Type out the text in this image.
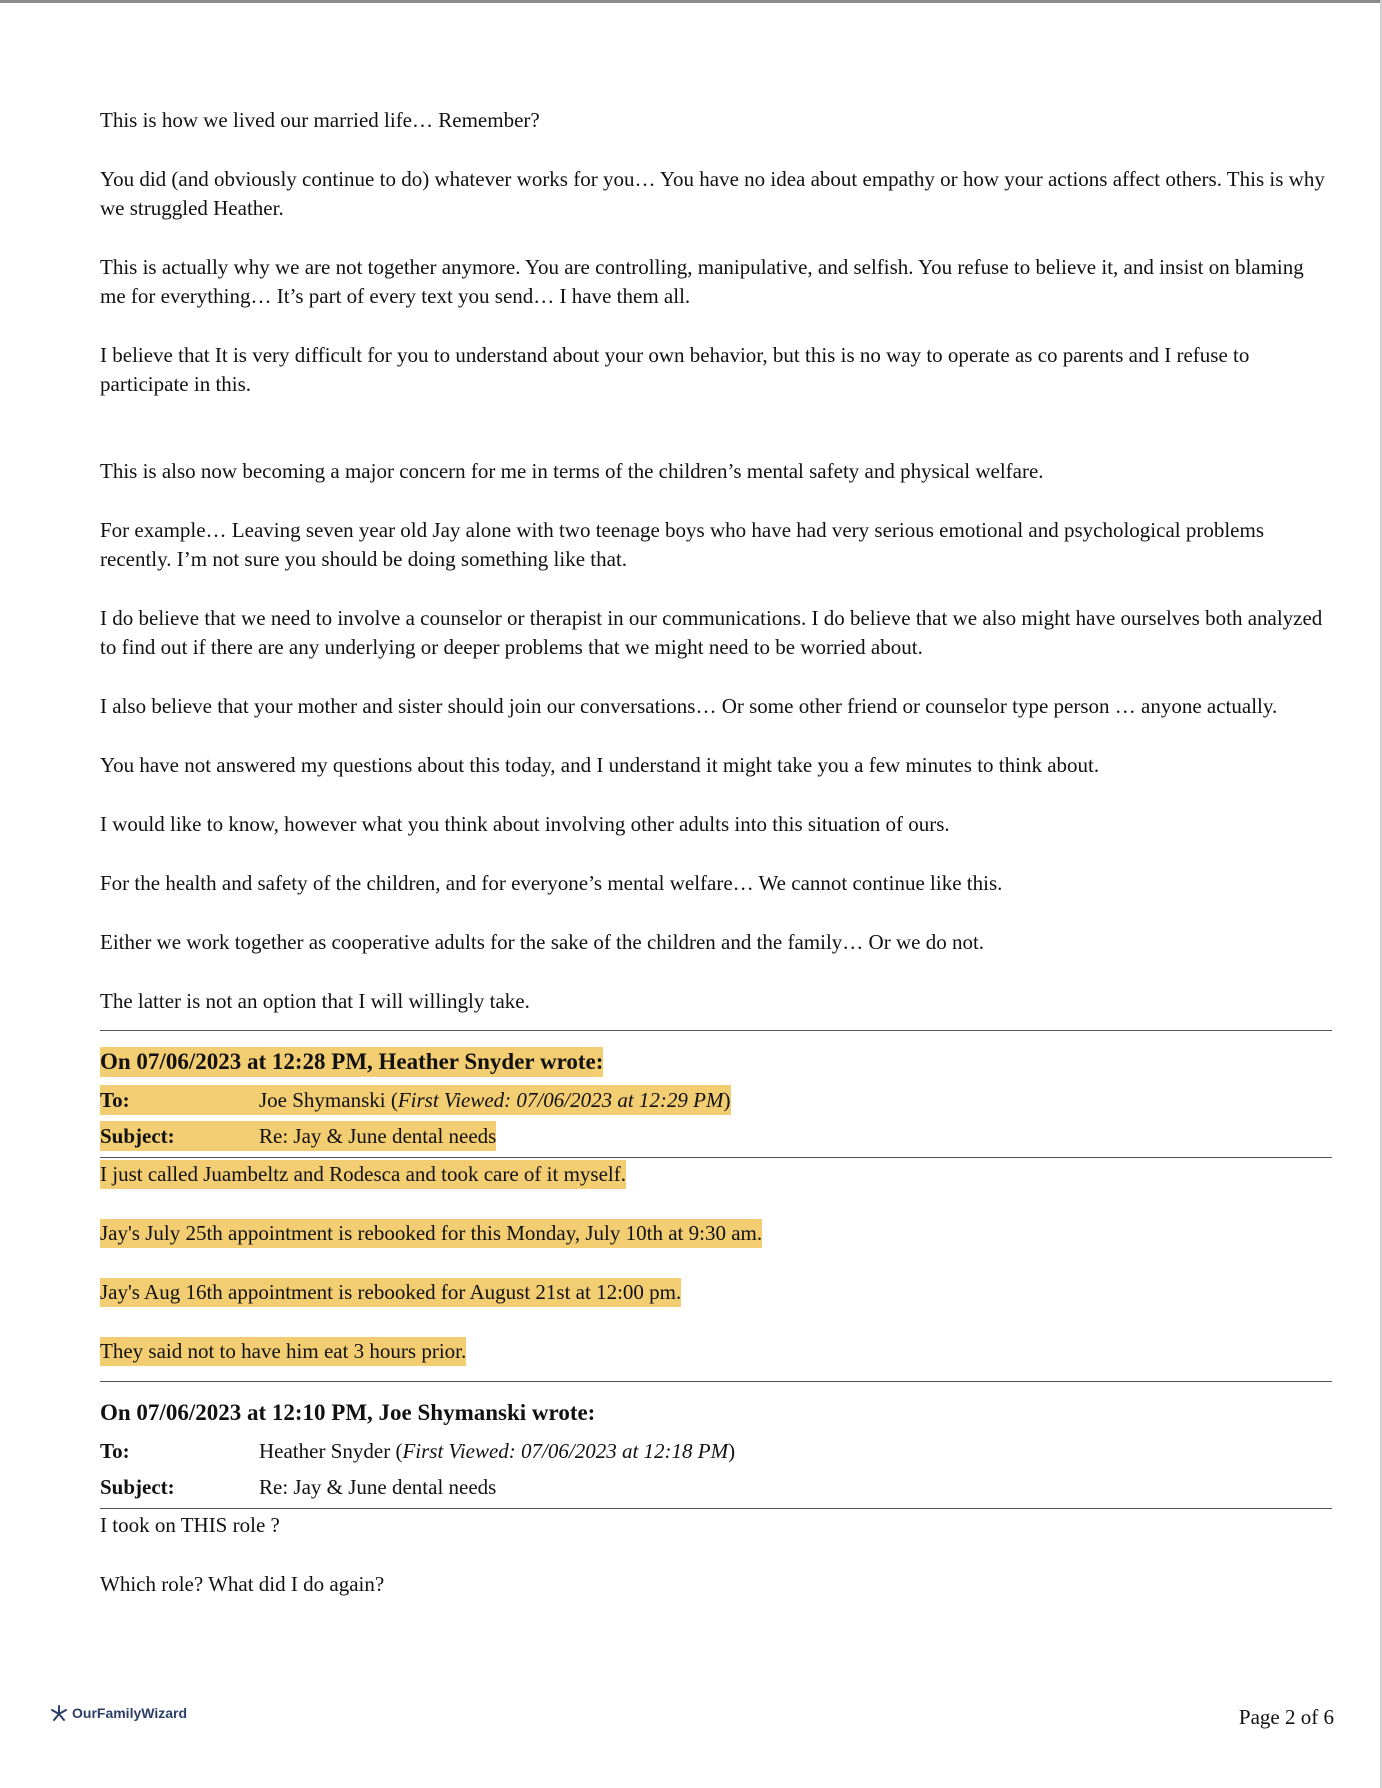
This is how we lived our married life… Remember?

You did (and obviously continue to do) whatever works for you… You have no idea about empathy or how your actions affect others. This is why we struggled Heather.

This is actually why we are not together anymore. You are controlling, manipulative, and selfish. You refuse to believe it, and insist on blaming me for everything… It’s part of every text you send… I have them all.

I believe that It is very difficult for you to understand about your own behavior, but this is no way to operate as co parents and I refuse to participate in this.

This is also now becoming a major concern for me in terms of the children’s mental safety and physical welfare.

For example… Leaving seven year old Jay alone with two teenage boys who have had very serious emotional and psychological problems recently. I’m not sure you should be doing something like that.

I do believe that we need to involve a counselor or therapist in our communications. I do believe that we also might have ourselves both analyzed to find out if there are any underlying or deeper problems that we might need to be worried about.

I also believe that your mother and sister should join our conversations… Or some other friend or counselor type person … anyone actually.

You have not answered my questions about this today, and I understand it might take you a few minutes to think about.

I would like to know, however what you think about involving other adults into this situation of ours.

For the health and safety of the children, and for everyone’s mental welfare… We cannot continue like this.

Either we work together as cooperative adults for the sake of the children and the family… Or we do not.

The latter is not an option that I will willingly take.

On 07/06/2023 at 12:28 PM, Heather Snyder wrote:
To:	Joe Shymanski (First Viewed: 07/06/2023 at 12:29 PM)
Subject:	Re: Jay & June dental needs

I just called Juambeltz and Rodesca and took care of it myself.

Jay's July 25th appointment is rebooked for this Monday, July 10th at 9:30 am.

Jay's Aug 16th appointment is rebooked for August 21st at 12:00 pm.

They said not to have him eat 3 hours prior.

On 07/06/2023 at 12:10 PM, Joe Shymanski wrote:
To:	Heather Snyder (First Viewed: 07/06/2023 at 12:18 PM)
Subject:	Re: Jay & June dental needs

I took on THIS role ?

Which role? What did I do again?

OurFamilyWizard	Page 2 of 6
